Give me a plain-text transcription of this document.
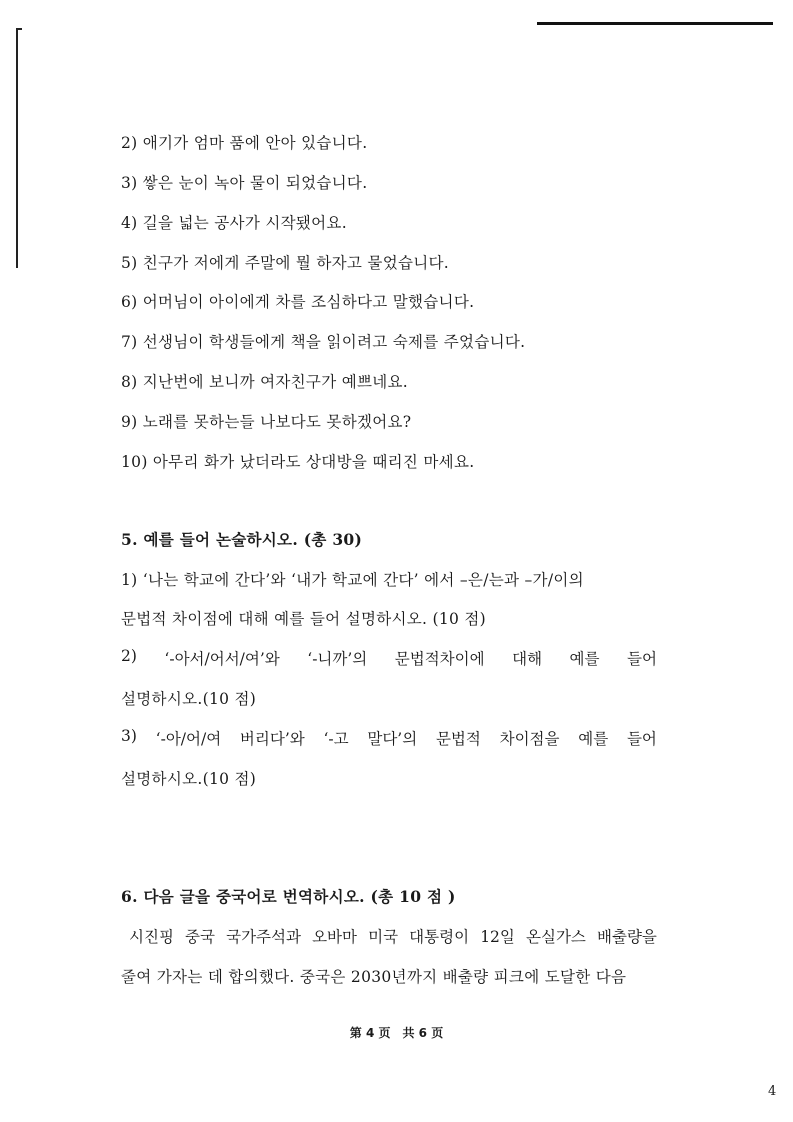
2) 애기가 엄마 품에 안아 있습니다.
3) 쌓은 눈이 녹아 물이 되었습니다.
4) 길을 넓는 공사가 시작됐어요.
5) 친구가 저에게 주말에 뭘 하자고 물었습니다.
6) 어머님이 아이에게 차를 조심하다고 말했습니다.
7) 선생님이 학생들에게 책을 읽이려고 숙제를 주었습니다.
8) 지난번에 보니까 여자친구가 예쁘네요.
9) 노래를 못하는들 나보다도 못하겠어요?
10) 아무리 화가 났더라도 상대방을 때리진 마세요.
5. 예를 들어 논술하시오. (총 30)
1) ‘나는 학교에 간다’와 ‘내가 학교에 간다’ 에서 –은/는과 –가/이의
문법적 차이점에 대해 예를 들어 설명하시오. (10 점)
2) ‘-아서/어서/여’와 ‘-니까’의 문법적차이에 대해 예를 들어
설명하시오.(10 점)
3) ‘-아/어/여 버리다’와 ‘-고 말다’의 문법적 차이점을 예를 들어
설명하시오.(10 점)
6. 다음 글을 중국어로 번역하시오. (총 10 점 )
시진핑 중국 국가주석과 오바마 미국 대통령이 12일 온실가스 배출량을
줄여 가자는 데 합의했다. 중국은 2030년까지 배출량 피크에 도달한 다음
第 4 页　共 6 页
4
